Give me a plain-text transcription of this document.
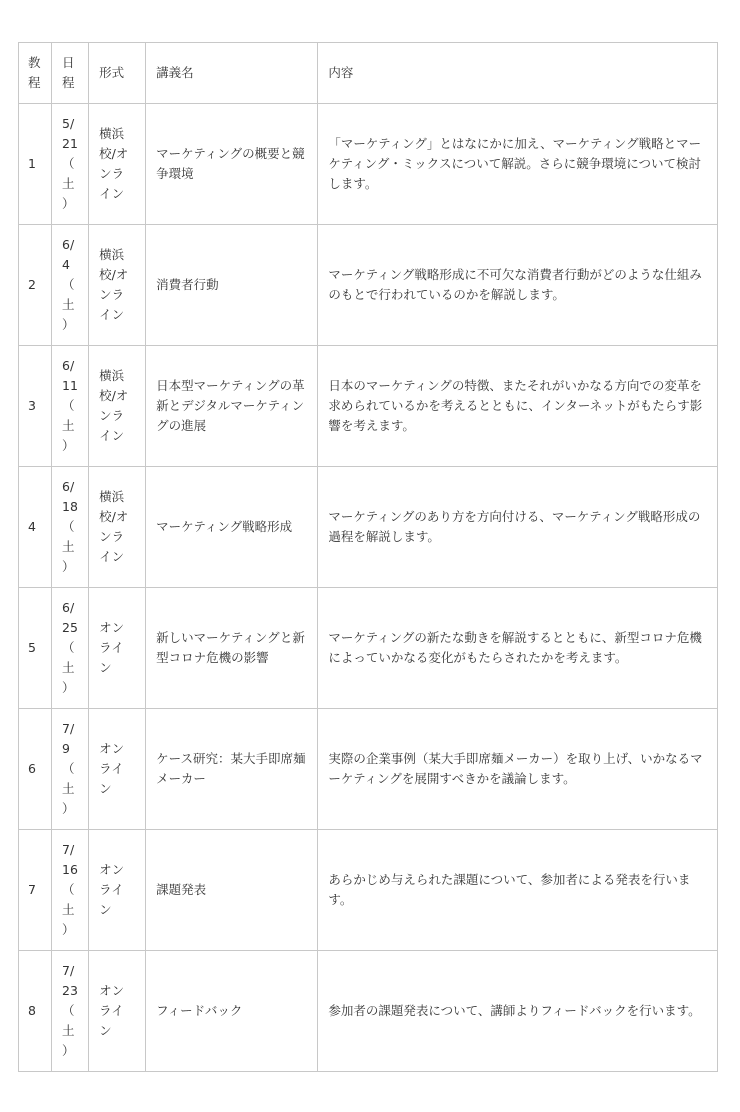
教程	日程	形式	講義名	内容
1	5/
21
（
土
）	横浜
校/オ
ンラ
イン	マーケティングの概要と競争環境	「マーケティング」とはなにかに加え、マーケティング戦略とマーケティング・ミックスについて解説。さらに競争環境について検討します。
2	6/
4
（
土
）	横浜
校/オ
ンラ
イン	消費者行動	マーケティング戦略形成に不可欠な消費者行動がどのような仕組みのもとで行われているのかを解説します。
3	6/
11
（
土
）	横浜
校/オ
ンラ
イン	日本型マーケティングの革新とデジタルマーケティングの進展	日本のマーケティングの特徴、またそれがいかなる方向での変革を求められているかを考えるとともに、インターネットがもたらす影響を考えます。
4	6/
18
（
土
）	横浜
校/オ
ンラ
イン	マーケティング戦略形成	マーケティングのあり方を方向付ける、マーケティング戦略形成の過程を解説します。
5	6/
25
（
土
）	オン
ライ
ン	新しいマーケティングと新型コロナ危機の影響	マーケティングの新たな動きを解説するとともに、新型コロナ危機によっていかなる変化がもたらされたかを考えます。
6	7/
9
（
土
）	オン
ライ
ン	ケース研究：某大手即席麺メーカー	実際の企業事例（某大手即席麺メーカー）を取り上げ、いかなるマーケティングを展開すべきかを議論します。
7	7/
16
（
土
）	オン
ライ
ン	課題発表	あらかじめ与えられた課題について、参加者による発表を行います。
8	7/
23
（
土
）	オン
ライ
ン	フィードバック	参加者の課題発表について、講師よりフィードバックを行います。
